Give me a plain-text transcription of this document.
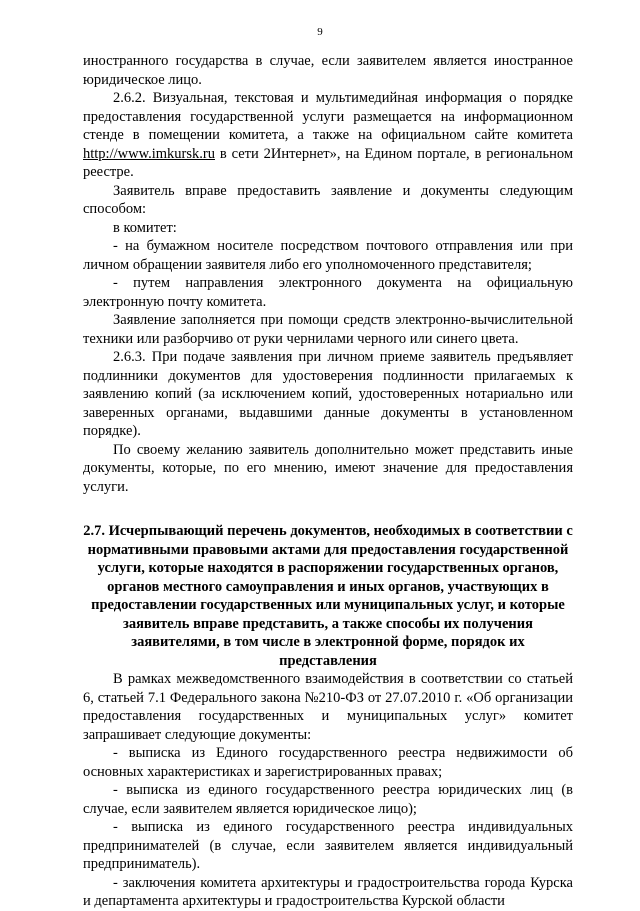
9

иностранного государства в случае, если заявителем является иностранное юридическое лицо.

2.6.2. Визуальная, текстовая и мультимедийная информация о порядке предоставления государственной услуги размещается на информационном стенде в помещении комитета, а также на официальном сайте комитета http://www.imkursk.ru в сети 2Интернет», на Едином портале, в региональном реестре.

Заявитель вправе предоставить заявление и документы следующим способом:

в комитет:

- на бумажном носителе посредством почтового отправления или при личном обращении заявителя либо его уполномоченного представителя;

- путем направления электронного документа на официальную электронную почту комитета.

Заявление заполняется при помощи средств электронно-вычислительной техники или разборчиво от руки чернилами черного или синего цвета.

2.6.3. При подаче заявления при личном приеме заявитель предъявляет подлинники документов для удостоверения подлинности прилагаемых к заявлению копий (за исключением копий, удостоверенных нотариально или заверенных органами, выдавшими данные документы в установленном порядке).

По своему желанию заявитель дополнительно может представить иные документы, которые, по его мнению, имеют значение для предоставления услуги.

2.7. Исчерпывающий перечень документов, необходимых в соответствии с нормативными правовыми актами для предоставления государственной услуги, которые находятся в распоряжении государственных органов, органов местного самоуправления и иных органов, участвующих в предоставлении государственных или муниципальных услуг, и которые заявитель вправе представить, а также способы их получения заявителями, в том числе в электронной форме, порядок их представления

В рамках межведомственного взаимодействия в соответствии со статьей 6, статьей 7.1 Федерального закона №210-ФЗ от 27.07.2010 г. «Об организации предоставления государственных и муниципальных услуг» комитет запрашивает следующие документы:

- выписка из Единого государственного реестра недвижимости об основных характеристиках и зарегистрированных правах;

- выписка из единого государственного реестра юридических лиц (в случае, если заявителем является юридическое лицо);

- выписка из единого государственного реестра индивидуальных предпринимателей (в случае, если заявителем является индивидуальный предприниматель).

- заключения комитета архитектуры и градостроительства города Курска и департамента архитектуры и градостроительства Курской области
